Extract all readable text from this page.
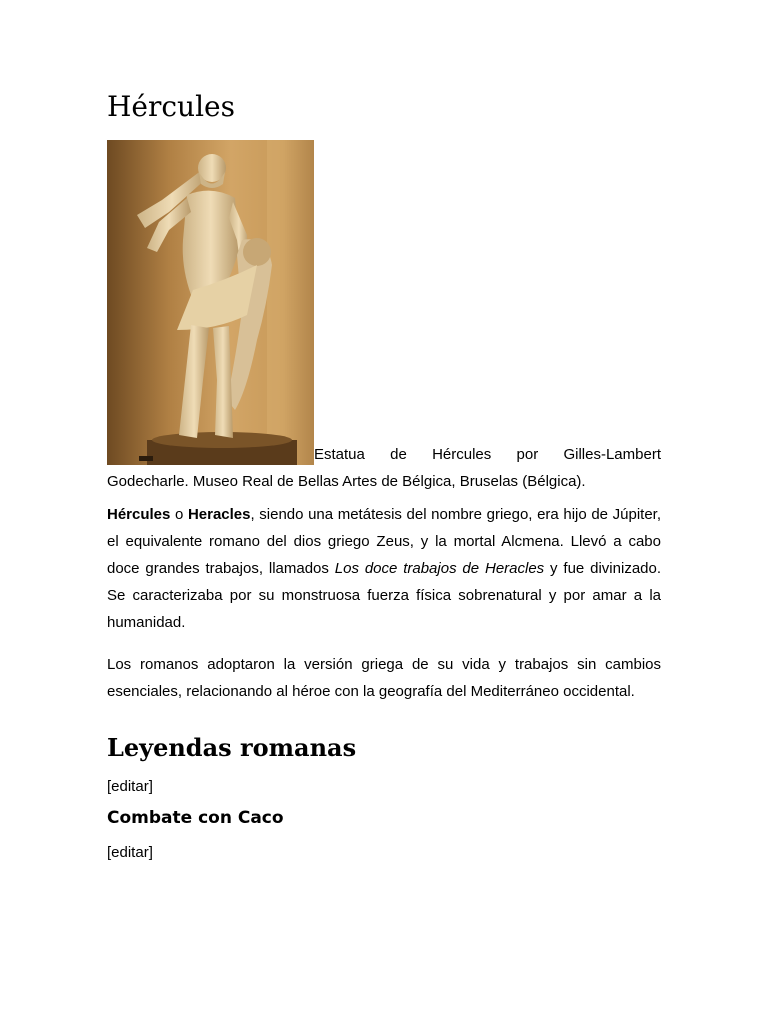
Hércules

Estatua de Hércules por Gilles-Lambert Godecharle. Museo Real de Bellas Artes de Bélgica, Bruselas (Bélgica).

Hércules o Heracles, siendo una metátesis del nombre griego, era hijo de Júpiter, el equivalente romano del dios griego Zeus, y la mortal Alcmena. Llevó a cabo doce grandes trabajos, llamados Los doce trabajos de Heracles y fue divinizado. Se caracterizaba por su monstruosa fuerza física sobrenatural y por amar a la humanidad.

Los romanos adoptaron la versión griega de su vida y trabajos sin cambios esenciales, relacionando al héroe con la geografía del Mediterráneo occidental.

Leyendas romanas
[editar]
Combate con Caco
[editar]
